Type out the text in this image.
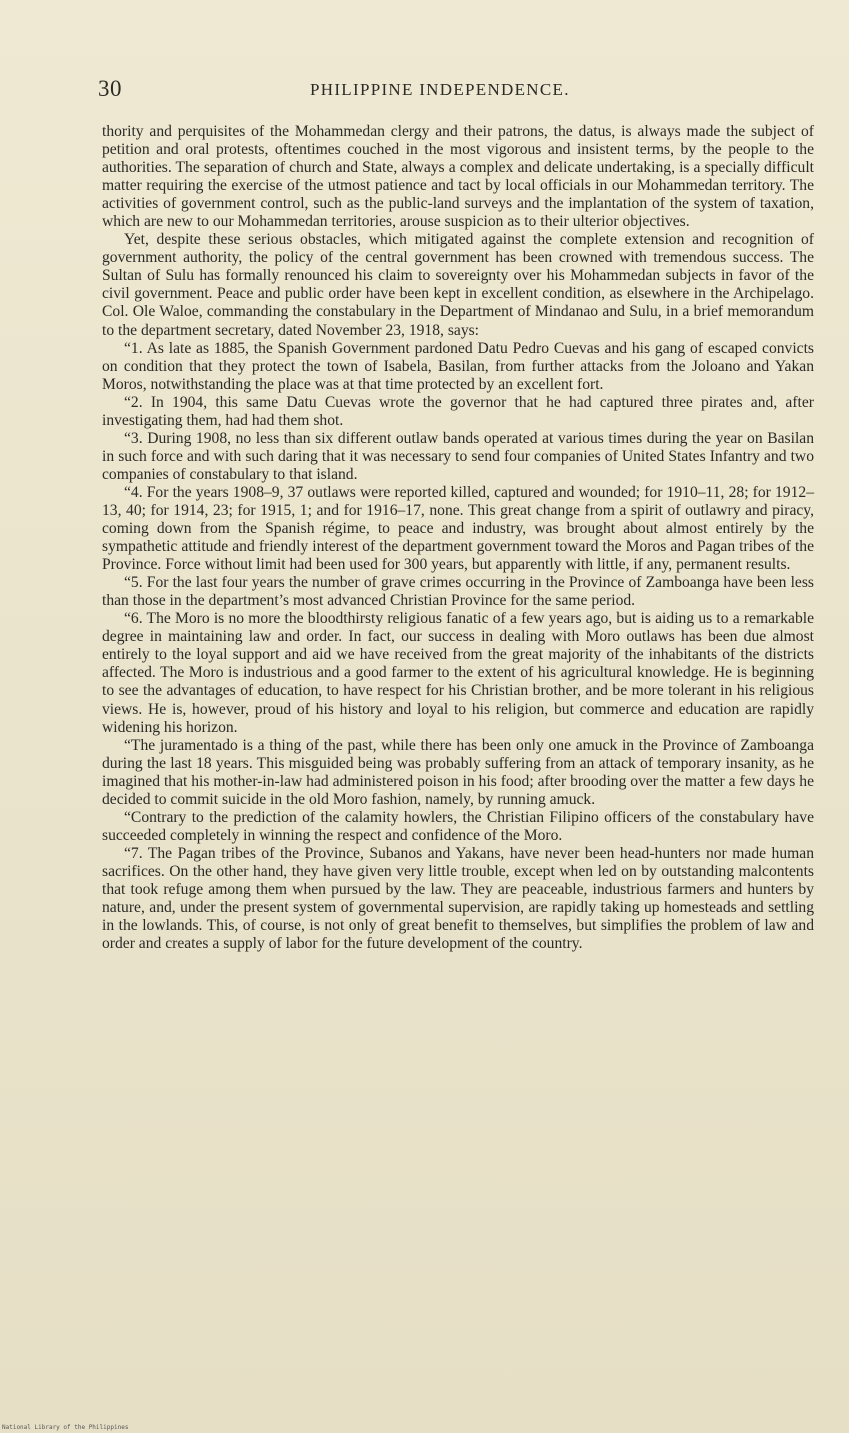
30	PHILIPPINE INDEPENDENCE.

thority and perquisites of the Mohammedan clergy and their patrons, the datus, is always made the subject of petition and oral protests, oftentimes couched in the most vigorous and insistent terms, by the people to the authorities. The separation of church and State, always a complex and delicate undertaking, is a specially difficult matter requiring the exercise of the utmost patience and tact by local officials in our Mohammedan territory. The activities of government control, such as the public-land surveys and the implantation of the system of taxation, which are new to our Mohammedan territories, arouse suspicion as to their ulterior objectives.

Yet, despite these serious obstacles, which mitigated against the complete extension and recognition of government authority, the policy of the central government has been crowned with tremendous success. The Sultan of Sulu has formally renounced his claim to sovereignty over his Mohammedan subjects in favor of the civil government. Peace and public order have been kept in excellent condition, as elsewhere in the Archipelago. Col. Ole Waloe, commanding the constabulary in the Department of Mindanao and Sulu, in a brief memorandum to the department secretary, dated November 23, 1918, says:

“1. As late as 1885, the Spanish Government pardoned Datu Pedro Cuevas and his gang of escaped convicts on condition that they protect the town of Isabela, Basilan, from further attacks from the Joloano and Yakan Moros, notwithstanding the place was at that time protected by an excellent fort.

“2. In 1904, this same Datu Cuevas wrote the governor that he had captured three pirates and, after investigating them, had had them shot.

“3. During 1908, no less than six different outlaw bands operated at various times during the year on Basilan in such force and with such daring that it was necessary to send four companies of United States Infantry and two companies of constabulary to that island.

“4. For the years 1908–9, 37 outlaws were reported killed, captured and wounded; for 1910–11, 28; for 1912–13, 40; for 1914, 23; for 1915, 1; and for 1916–17, none. This great change from a spirit of outlawry and piracy, coming down from the Spanish régime, to peace and industry, was brought about almost entirely by the sympathetic attitude and friendly interest of the department government toward the Moros and Pagan tribes of the Province. Force without limit had been used for 300 years, but apparently with little, if any, permanent results.

“5. For the last four years the number of grave crimes occurring in the Province of Zamboanga have been less than those in the department’s most advanced Christian Province for the same period.

“6. The Moro is no more the bloodthirsty religious fanatic of a few years ago, but is aiding us to a remarkable degree in maintaining law and order. In fact, our success in dealing with Moro outlaws has been due almost entirely to the loyal support and aid we have received from the great majority of the inhabitants of the districts affected. The Moro is industrious and a good farmer to the extent of his agricultural knowledge. He is beginning to see the advantages of education, to have respect for his Christian brother, and be more tolerant in his religious views. He is, however, proud of his history and loyal to his religion, but commerce and education are rapidly widening his horizon.

“The juramentado is a thing of the past, while there has been only one amuck in the Province of Zamboanga during the last 18 years. This misguided being was probably suffering from an attack of temporary insanity, as he imagined that his mother-in-law had administered poison in his food; after brooding over the matter a few days he decided to commit suicide in the old Moro fashion, namely, by running amuck.

“Contrary to the prediction of the calamity howlers, the Christian Filipino officers of the constabulary have succeeded completely in winning the respect and confidence of the Moro.

“7. The Pagan tribes of the Province, Subanos and Yakans, have never been head-hunters nor made human sacrifices. On the other hand, they have given very little trouble, except when led on by outstanding malcontents that took refuge among them when pursued by the law. They are peaceable, industrious farmers and hunters by nature, and, under the present system of governmental supervision, are rapidly taking up homesteads and settling in the lowlands. This, of course, is not only of great benefit to themselves, but simplifies the problem of law and order and creates a supply of labor for the future development of the country.

National Library of the Philippines
